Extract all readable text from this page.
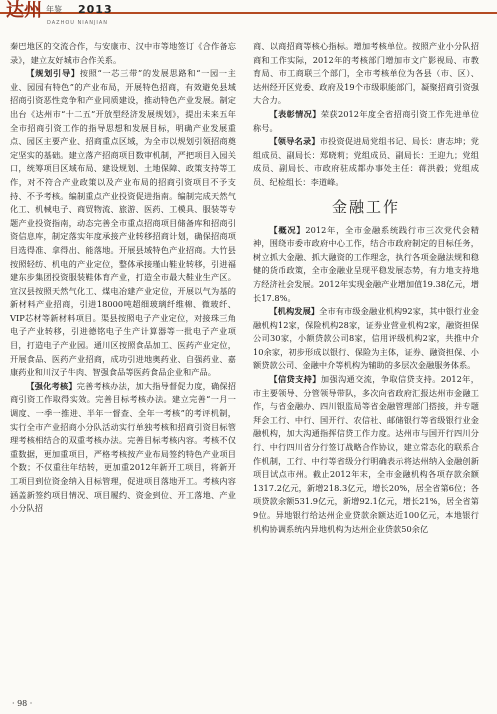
达州 年鉴 2013
DAZHOU NIANJIAN

秦巴地区的交流合作，与安康市、汉中市等地签订《合作备忘录》，建立友好城市合作关系。

【规划引导】按照“一芯三带”的发展思路和“一园一主业、园园有特色”的产业布局，开展特色招商，有效避免县域招商引资恶性竞争和产业同质建设，推动特色产业发展。制定出台《达州市“十二五”开放型经济发展规划》，提出未来五年全市招商引资工作的指导思想和发展目标，明确产业发展重点、园区主要产业、招商重点区域，为全市以规划引领招商奠定坚实的基础。建立落产招商项目数审机制，严把项目入园关口，统筹项目区域布局、建设规划、土地保障、政策支持等工作，对不符合产业政策以及产业布局的招商引资项目不予支持、不予考核。编制重点产业投资促进指南。编制完成天然气化工、机械电子、商贸物流、旅游、医药、工模具、服装等专题产业投资指南，动态完善全市重点招商项目储备库和招商引资信息库，制定落实年度承接产业转移招商计划，确保招商项目选得准、拿得出、能落地。开展县域特色产业招商。大竹县按照轻纺、机电的产业定位，整体承接瑾山鞋业转移，引进福建东步集团投资服装鞋体育产业，打造全市最大鞋业生产区。宣汉县按照天然气化工、煤电冶建产业定位，开展以气为基的新材料产业招商，引进18000吨超细玻璃纤维棉、微玻纤、VIP芯材等新材料项目。渠县按照电子产业定位，对接珠三角电子产业转移，引进德铭电子生产计算器等一批电子产业项目，打造电子产业园。通川区按照食品加工、医药产业定位，开展食品、医药产业招商，成功引进地奥药业、自强药业、嘉康药业和川汉子牛肉、智强食品等医药食品企业和产品。

【强化考核】完善考核办法，加大指导督促力度，确保招商引资工作取得实效。完善目标考核办法。建立完善“一月一调度、一季一推进、半年一督查、全年一考核”的考评机制，实行全市产业招商小分队活动实行单独考核和招商引资目标管理考核相结合的双重考核办法。完善目标考核内容。考核不仅重数据，更加重项目，严格考核按产业布局签约特色产业项目个数；不仅重往年结转，更加重2012年新开工项目，将新开工项目到位资金纳入目标管理，促进项目落地开工。考核内容涵盖新签约项目情况、项目履约、资金到位、开工落地、产业小分队招

商、以商招商等核心指标。增加考核单位。按照产业小分队招商和工作实际，2012年的考核部门增加市文广影视局、市教育局、市工商联三个部门，全市考核单位为各县（市、区）、达州经开区党委、政府及19个市级职能部门，凝聚招商引资强大合力。

【表彰情况】荣获2012年度全省招商引资工作先进单位称号。

【领导名录】市投资促进局党组书记、局长：唐志坤；党组成员、副局长：郑晓莉；党组成员、副局长：王迎九；党组成员、副局长、市政府驻成都办事处主任：蒋洪毅；党组成员、纪检组长：李道峰。

金融工作

【概况】2012年，全市金融系统践行市三次党代会精神，围绕市委市政府中心工作，结合市政府制定的目标任务，树立抓大金融、抓大融资的工作理念，执行各项金融法规和稳健的货币政策，全市金融业呈现平稳发展态势，有力地支持地方经济社会发展。2012年实现金融产业增加值19.38亿元，增长17.8%。

【机构发展】全市有市级金融业机构92家，其中银行业金融机构12家，保险机构28家，证券业营业机构2家，融资担保公司30家，小额贷款公司8家，信用评级机构2家，共推中介10余家，初步形成以银行、保险为主体，证券、融资担保、小额贷款公司、金融中介等机构为辅助的多层次金融服务体系。

【信贷支持】加强沟通交流，争取信贷支持。2012年，市主要领导、分管领导带队，多次向省政府汇报达州市金融工作，与省金融办、四川银监局等省金融管理部门搭接，并专题拜会工行、中行、国开行、农信社、邮储银行等省级银行业金融机构，加大沟通指挥信贷工作力度。达州市与国开行四川分行、中行四川省分行签订战略合作协议，建立常态化的联系合作机制，工行、中行等省级分行明确表示将达州纳入金融创新项目试点市州。截止2012年末，全市金融机构各项存款余额1317.2亿元，新增218.3亿元，增长20%，居全省第6位；各项贷款余额531.9亿元，新增92.1亿元，增长21%，居全省第9位。异地银行给达州企业贷款余额达近100亿元，本地银行机构协调系统内异地机构为达州企业贷款50余亿

· 98 ·
